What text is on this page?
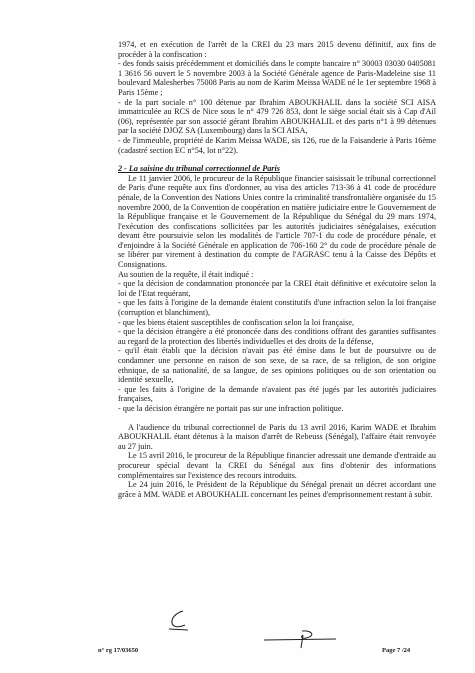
1974, et en exécution de l'arrêt de la CREI du 23 mars 2015 devenu définitif, aux fins de procéder à la confiscation :

- des fonds saisis précédemment et domiciliés dans le compte bancaire n° 30003 03030 0405081 1 3616 56 ouvert le 5 novembre 2003 à la Société Générale agence de Paris-Madeleine sise 11 boulevard Malesherbes 75008 Paris au nom de Karim Meissa WADE né le 1er septembre 1968 à Paris 15ème ;

- de la part sociale n° 100 détenue par Ibrahim ABOUKHALIL dans la société SCI AISA immatriculée au RCS de Nice sous le n° 479 726 853, dont le siège social était sis à Cap d'Ail (06), représentée par son associé gérant Ibrahim ABOUKHALIL et des parts n°1 à 99 détenues par la société DJOZ SA (Luxembourg) dans la SCI AISA,

- de l'immeuble, propriété de Karim Meissa WADE, sis 126, rue de la Faisanderie à Paris 16ème (cadastré section EC n°54, lot n°22).

2 - La saisine du tribunal correctionnel de Paris

Le 11 janvier 2006, le procureur de la République financier saisissait le tribunal correctionnel de Paris d'une requête aux fins d'ordonner, au visa des articles 713-36 à 41 code de procédure pénale, de la Convention des Nations Unies contre la criminalité transfrontalière organisée du 15 novembre 2000, de la Convention de coopération en matière judiciaire entre le Gouvernement de la République française et le Gouvernement de la République du Sénégal du 29 mars 1974, l'exécution des confiscations sollicitées par les autorités judiciaires sénégalaises, exécution devant être poursuivie selon les modalités de l'article 707-1 du code de procédure pénale, et d'enjoindre à la Société Générale en application de 706-160 2° du code de procédure pénale de se libérer par virement à destination du compte de l'AGRASC tenu à la Caisse des Dépôts et Consignations.

Au soutien de la requête, il était indiqué :

- que la décision de condamnation prononcée par la CREI était définitive et exécutoire selon la loi de l'Etat requérant,

- que les faits à l'origine de la demande étaient constitutifs d'une infraction selon la loi française (corruption et blanchiment),

- que les biens étaient susceptibles de confiscation selon la loi française,

- que la décision étrangère a été prononcée dans des conditions offrant des garanties suffisantes au regard de la protection des libertés individuelles et des droits de la défense,

- qu'il était établi que la décision n'avait pas été émise dans le but de poursuivre ou de condamner une personne en raison de son sexe, de sa race, de sa religion, de son origine ethnique, de sa nationalité, de sa langue, de ses opinions politiques ou de son orientation ou identité sexuelle,

- que les faits à l'origine de la demande n'avaient pas été jugés par les autorités judiciaires françaises,

- que la décision étrangère ne portait pas sur une infraction politique.

A l'audience du tribunal correctionnel de Paris du 13 avril 2016, Karim WADE et Ibrahim ABOUKHALIL étant détenus à la maison d'arrêt de Rebeuss (Sénégal), l'affaire était renvoyée au 27 juin.

Le 15 avril 2016, le procureur de la République financier adressait une demande d'entraide au procureur spécial devant la CREI du Sénégal aux fins d'obtenir des informations complémentaires sur l'existence des recours introduits.

Le 24 juin 2016, le Président de la République du Sénégal prenait un décret accordant une grâce à MM. WADE et ABOUKHALIL concernant les peines d'emprisonnement restant à subir.

n° rg 17/03650	Page 7 /24
